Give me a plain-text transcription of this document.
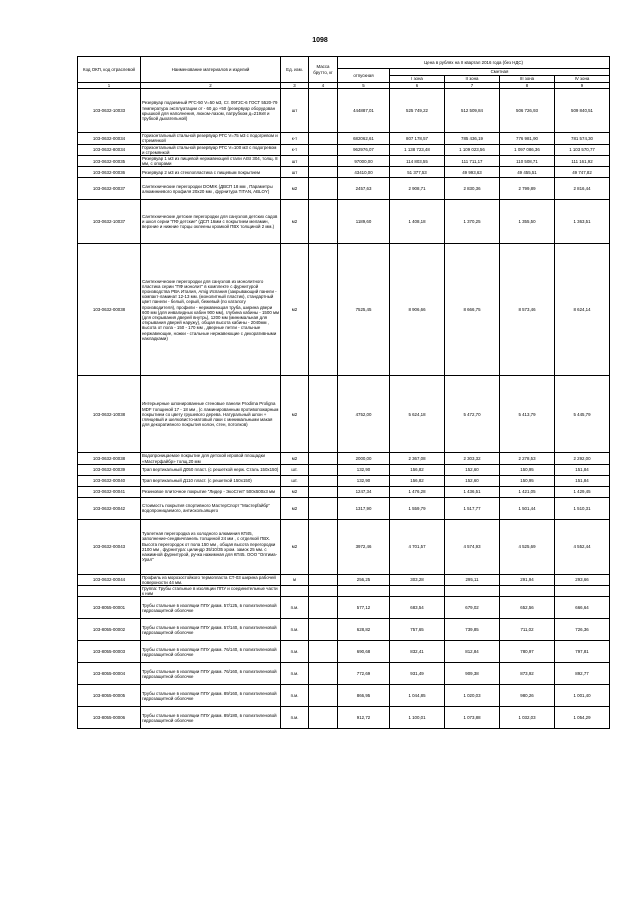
1098
Код ОКП, код отраслевой	Наименование материалов и изделий	Ед. изм.	Масса брутто, кг	Цена в рублях на II квартал 2016 года (без НДС)				
				отпускная	Сметная			
					I зона	II зона	III зона	IV зона
1	2	3	4	5	6	7	8	9
103-0632-10033	Резервуар подземный РГС-50 V=50 м3, Ст. 09Г2С-6 ГОСТ 5520-79 температура эксплуатации от - 60 до +50 (резервуар оборудован крышкой для наполнения, люком-лазом, патрубком д=219х8 и трубкой дыхательной)	шт		444887,01	525 749,22	512 509,84	506 726,93	509 840,51
103-0632-00034	Горизонтальный стальной резервуар РГС V=75 м3 с подогревом и стремянкой	к-т		682062,61	807 178,57	785 436,19	776 981,90	781 574,30
103-0632-80034	Горизонтальный стальной резервуар РГС V=100 м3 с подогревом и стремянкой	к-т		962976,07	1 138 723,48	1 109 023,56	1 097 086,36	1 103 570,77
103-0632-00035	Резервуар 1 м3 из пищевой нержавеющей стали AISI 304, толщ. 8 мм, с опорами	шт		97000,00	114 803,55	111 711,17	110 508,71	111 161,92
103-0632-00036	Резервуар 2 м3 из стеклопластика с пищевым покрытием	шт		43410,00	51 377,53	49 993,63	49 455,51	49 747,82
103-0632-00037	Сантехнические перегородки DOMIK (ДВСП 18 мм , Параметры алюминиевого профиля 20х20 мм , фурнитура TITAN, ABLOY)	м2		2457,63	2 908,71	2 830,36	2 799,89	2 816,44
103-0632-10037	Сантехнические детские перегородки для санузлов детских садов и школ серии "ПФ детские" (ДСП 16мм с покрытием меламин, верхние и нижние торцы оклеены кромкой ПВХ толщиной 2 мм.)	м2		1189,60	1 408,18	1 370,25	1 355,50	1 363,51
103-0632-00038	Сантехнические перегородки для санузлов из монолитного пластика серии "ПФ монолит" в комплекте с фурнитурой производства РВА Италия, Amig Испания (закрывающий панели - компакт-ламинат 12-13 мм. (монолитный пластик), стандартный цвет панели - белый, серый, бежевый (по каталогу производителя), профили - нержавеющая труба, ширина двери 600 мм (для инвалидных кабин 900 мм), глубина кабины - 1500 мм (для открывания дверей внутрь), 1200 мм (минимальная для открывания дверей наружу), общая высота кабины - 2040мм , высота от пола - 150 - 170 мм , дверные петли - стальные нержавеющие, ножки - стальные нержавеющие с декоративными накладками)	м2		7525,45	8 906,66	8 666,75	8 573,46	8 624,14
103-0632-10038	Интерьерные шпонированные стеновые панели Prodima Proligna MDF толщиной 17 - 18 мм , (с ламинированным противопожарным покрытием со цвету грушевого дерева. Натуральный шпон + глянцевый и шелковисто-матовый лаки с минимальными макая для декоративного покрытия колон, стен, потолков)	м2		4752,00	5 624,18	5 472,70	5 413,79	5 445,79
103-0632-00038	Водопроницаемое покрытие для детской игровой площадки «Мастерфайбр» толщ.20 мм	м2		2000,00	2 367,08	2 303,32	2 278,53	2 292,00
103-0632-00039	Трап вертикальный Д050 пласт. (с решеткой нерж. Сталь 150х150)	шт.		132,90	156,82	152,60	150,95	151,84
103-0632-00040	Трап вертикальный Д110 пласт. (с решеткой 150х150)	шт.		132,90	156,82	152,60	150,95	151,84
103-0632-00041	Резиновое плиточное покрытие "Лидер - ЭкоСтеп" 500х500х3 мм	м2		1247,34	1 476,28	1 436,51	1 421,05	1 429,45
103-0632-00042	Стоимость покрытия спортивного МастерСпорт "Мастерfайбр" водопроницаемого, антискользящего	м2		1317,90	1 559,79	1 517,77	1 501,44	1 510,31
103-0632-00043	Туалетная перегородка из холодного алюминия КП45, заполнение-сендвичпанель толщиной 24 мм , с отделкой ПВХ. Высота перегородок от пола 150 мм , общая высота перегородки 2100 мм , фурнитура: цилиндр 35/10/35 хром. замок 25 мм. с нажимной фурнитурой, ручка нажимная для КП45. ООО "Оптима-Урал"	м2		3972,46	4 701,57	4 574,93	4 525,69	4 552,44
103-0632-00044	Профиль из морозостойкого термопласта СТ-03 ширина рабочей поверхности 44 мм.	м		256,25	303,28	295,11	291,94	293,66
	Группа: Трубы стальные в изоляции ППУ и соединительные части к ним							
103-8055-00001	Трубы стальные в изоляции ППУ диам. 57/125, в полиэтиленовой гидрозащитной оболочке	п.м.		577,12	683,54	679,02	652,56	666,64
103-8055-00002	Трубы стальные в изоляции ППУ диам. 57/140, в полиэтиленовой гидрозащитной оболочке	п.м.		628,82	757,65	739,85	711,02	726,36
103-8055-00003	Трубы стальные в изоляции ППУ диам. 76/140, в полиэтиленовой гидрозащитной оболочке	п.м.		690,68	832,41	812,84	780,97	797,81
103-8055-00004	Трубы стальные в изоляции ППУ диам. 76/160, в полиэтиленовой гидрозащитной оболочке	п.м.		772,69	931,49	909,38	873,92	892,77
103-8055-00005	Трубы стальные в изоляции ППУ диам. 89/160, в полиэтиленовой гидрозащитной оболочке	п.м.		866,95	1 044,85	1 020,03	980,26	1 001,40
103-8055-00006	Трубы стальные в изоляции ППУ диам. 89/180, в полиэтиленовой гидрозащитной оболочке	п.м.		912,72	1 100,01	1 073,88	1 032,03	1 054,29
